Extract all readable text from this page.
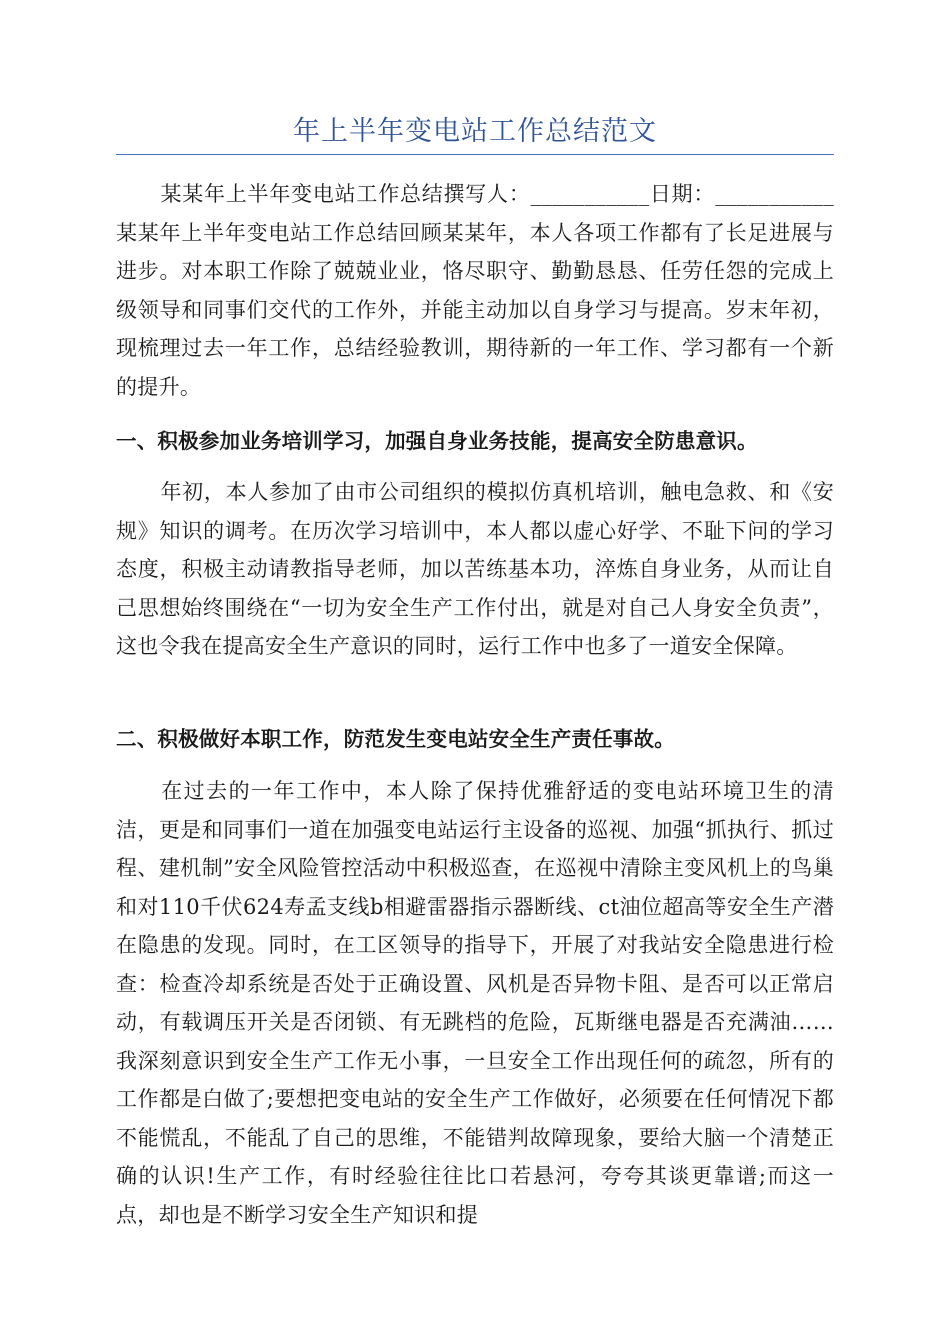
年上半年变电站工作总结范文

某某年上半年变电站工作总结撰写人：___________日期：___________某某年上半年变电站工作总结回顾某某年，本人各项工作都有了长足进展与进步。对本职工作除了兢兢业业，恪尽职守、勤勤恳恳、任劳任怨的完成上级领导和同事们交代的工作外，并能主动加以自身学习与提高。岁末年初，现梳理过去一年工作，总结经验教训，期待新的一年工作、学习都有一个新的提升。

一、积极参加业务培训学习，加强自身业务技能，提高安全防患意识。

年初，本人参加了由市公司组织的模拟仿真机培训，触电急救、和《安规》知识的调考。在历次学习培训中，本人都以虚心好学、不耻下问的学习态度，积极主动请教指导老师，加以苦练基本功，淬炼自身业务，从而让自己思想始终围绕在“一切为安全生产工作付出，就是对自己人身安全负责”，这也令我在提高安全生产意识的同时，运行工作中也多了一道安全保障。

二、积极做好本职工作，防范发生变电站安全生产责任事故。

在过去的一年工作中，本人除了保持优雅舒适的变电站环境卫生的清洁，更是和同事们一道在加强变电站运行主设备的巡视、加强“抓执行、抓过程、建机制”安全风险管控活动中积极巡查，在巡视中清除主变风机上的鸟巢和对110千伏624寿孟支线b相避雷器指示器断线、ct油位超高等安全生产潜在隐患的发现。同时，在工区领导的指导下，开展了对我站安全隐患进行检查：检查冷却系统是否处于正确设置、风机是否异物卡阻、是否可以正常启动，有载调压开关是否闭锁、有无跳档的危险，瓦斯继电器是否充满油……我深刻意识到安全生产工作无小事，一旦安全工作出现任何的疏忽，所有的工作都是白做了;要想把变电站的安全生产工作做好，必须要在任何情况下都不能慌乱，不能乱了自己的思维，不能错判故障现象，要给大脑一个清楚正确的认识!生产工作，有时经验往往比口若悬河，夸夸其谈更靠谱;而这一点，却也是不断学习安全生产知识和提
